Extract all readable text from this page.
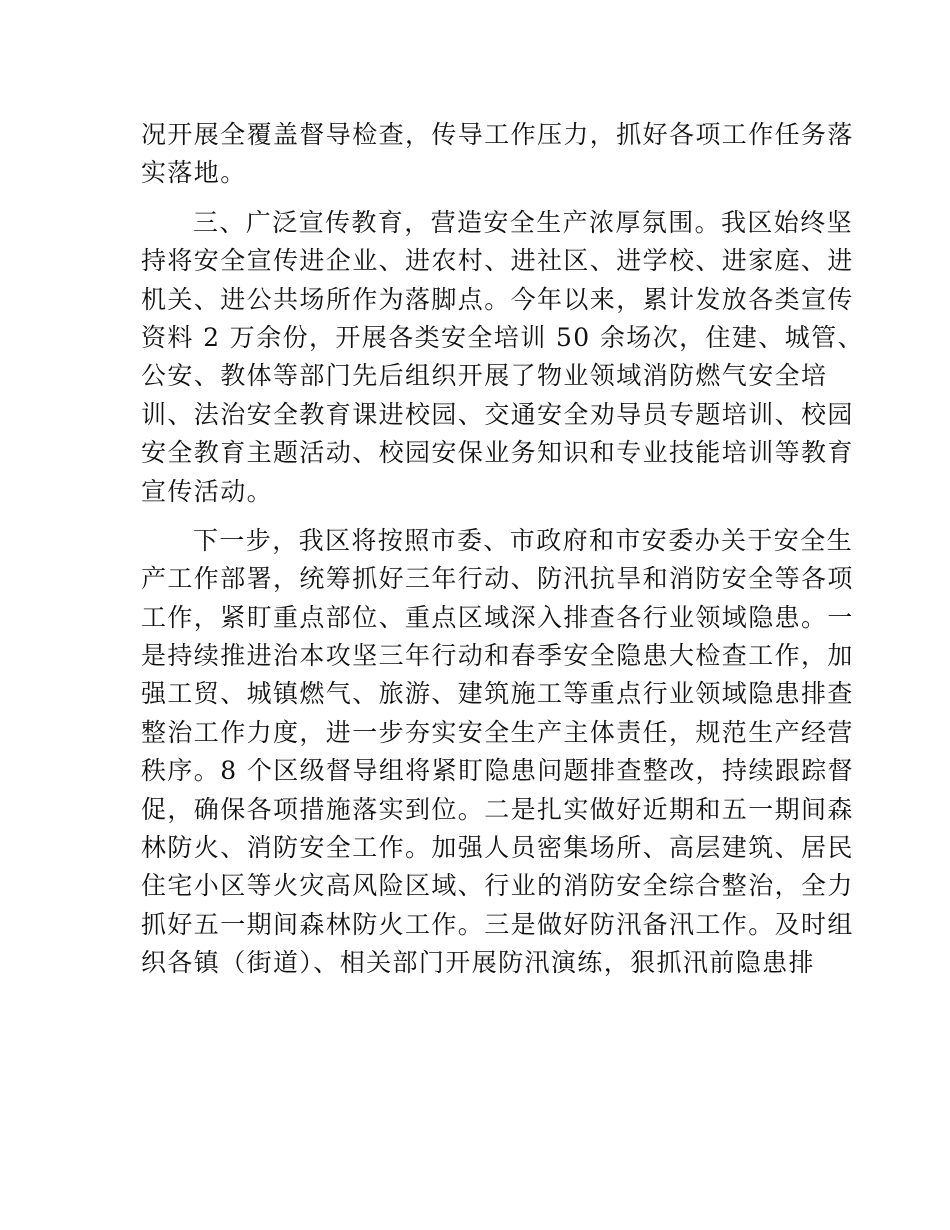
况开展全覆盖督导检查，传导工作压力，抓好各项工作任务落
实落地。
三、广泛宣传教育，营造安全生产浓厚氛围。我区始终坚
持将安全宣传进企业、进农村、进社区、进学校、进家庭、进
机关、进公共场所作为落脚点。今年以来，累计发放各类宣传
资料 2 万余份，开展各类安全培训 50 余场次，住建、城管、
公安、教体等部门先后组织开展了物业领域消防燃气安全培
训、法治安全教育课进校园、交通安全劝导员专题培训、校园
安全教育主题活动、校园安保业务知识和专业技能培训等教育
宣传活动。
下一步，我区将按照市委、市政府和市安委办关于安全生
产工作部署，统筹抓好三年行动、防汛抗旱和消防安全等各项
工作，紧盯重点部位、重点区域深入排查各行业领域隐患。一
是持续推进治本攻坚三年行动和春季安全隐患大检查工作，加
强工贸、城镇燃气、旅游、建筑施工等重点行业领域隐患排查
整治工作力度，进一步夯实安全生产主体责任，规范生产经营
秩序。8 个区级督导组将紧盯隐患问题排查整改，持续跟踪督
促，确保各项措施落实到位。二是扎实做好近期和五一期间森
林防火、消防安全工作。加强人员密集场所、高层建筑、居民
住宅小区等火灾高风险区域、行业的消防安全综合整治，全力
抓好五一期间森林防火工作。三是做好防汛备汛工作。及时组
织各镇（街道）、相关部门开展防汛演练，狠抓汛前隐患排
